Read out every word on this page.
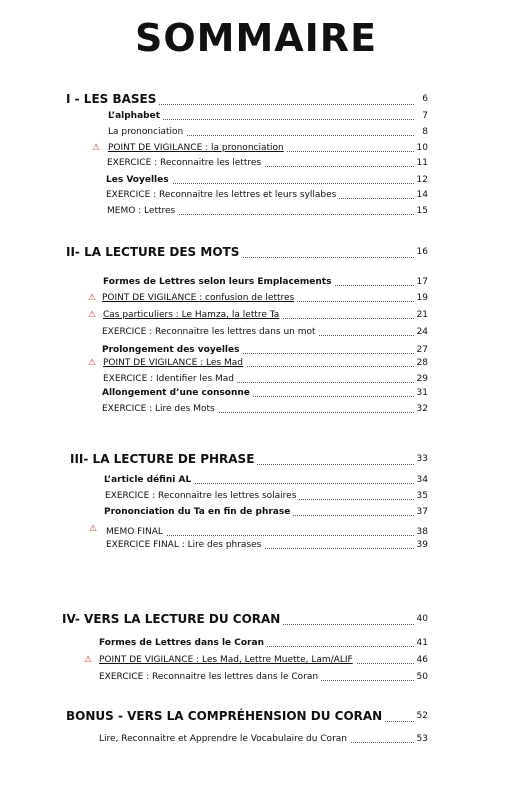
SOMMAIRE
I - LES BASES	6
L’alphabet	7
La prononciation	8
⚠ POINT DE VIGILANCE : la prononciation	10
EXERCICE : Reconnaitre les lettres	11
Les Voyelles	12
EXERCICE : Reconnaitre les lettres et leurs syllabes	14
MEMO : Lettres	15
II- LA LECTURE DES MOTS	16
Formes de Lettres selon leurs Emplacements	17
⚠ POINT DE VIGILANCE : confusion de lettres	19
⚠ Cas particuliers : Le Hamza, la lettre Ta	21
EXERCICE : Reconnaitre les lettres dans un mot	24
Prolongement des voyelles	27
⚠ POINT DE VIGILANCE : Les Mad	28
EXERCICE : Identifier les Mad	29
Allongement d’une consonne	31
EXERCICE : Lire des Mots	32
III- LA LECTURE DE PHRASE	33
L’article défini AL	34
EXERCICE : Reconnaitre les lettres solaires	35
Prononciation du Ta en fin de phrase	37
⚠ MEMO FINAL	38
EXERCICE FINAL : Lire des phrases	39
IV- VERS LA LECTURE DU CORAN	40
Formes de Lettres dans le Coran	41
⚠ POINT DE VIGILANCE : Les Mad, Lettre Muette, Lam/ALIF	46
EXERCICE : Reconnaitre les lettres dans le Coran	50
BONUS - VERS LA COMPRÉHENSION DU CORAN	52
Lire, Reconnaitre et Apprendre le Vocabulaire du Coran	53
